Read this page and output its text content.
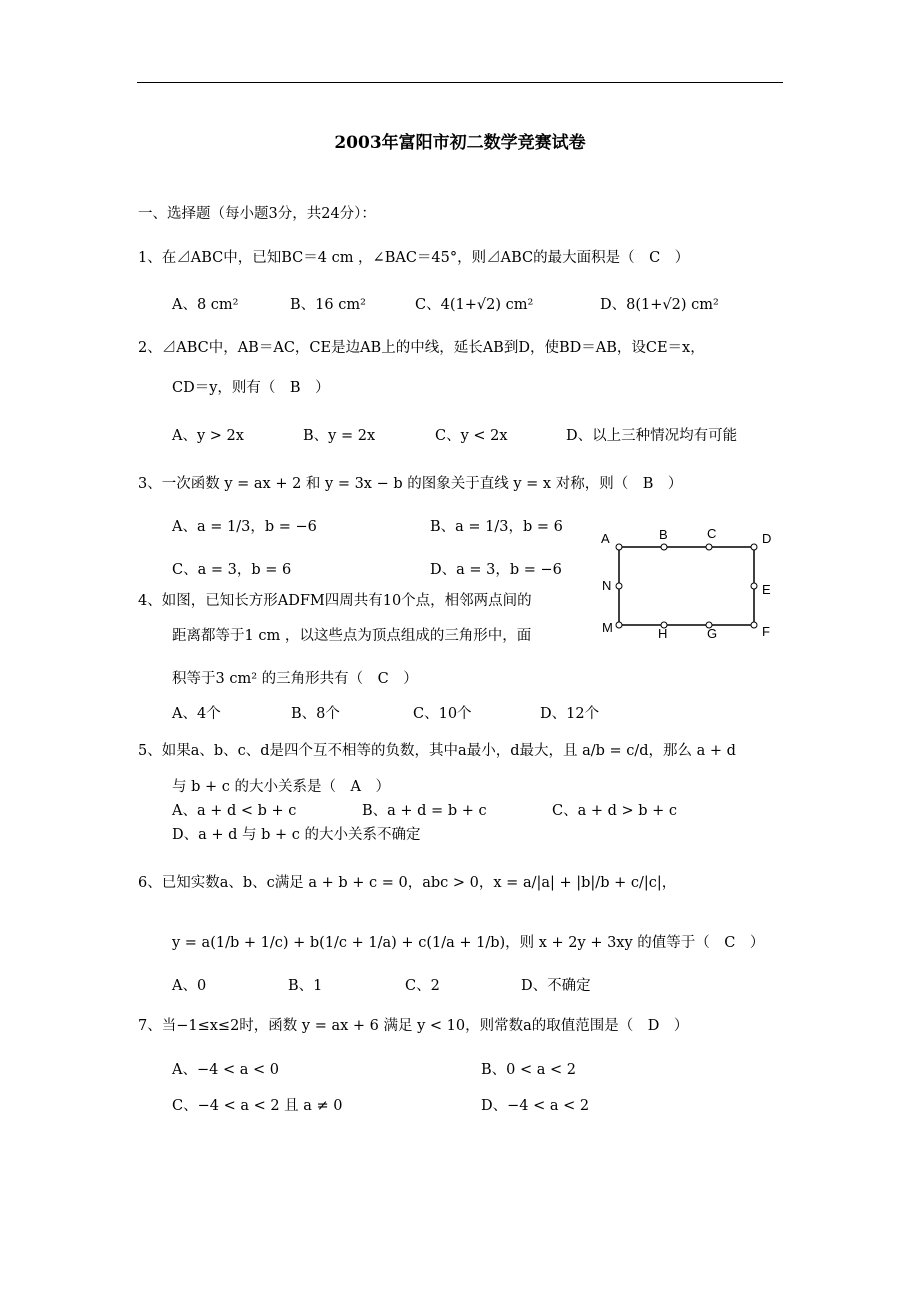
2003年富阳市初二数学竞赛试卷
一、选择题（每小题3分，共24分）：
1、在⊿ABC中，已知BC＝4 cm ，∠BAC＝45°，则⊿ABC的最大面积是（　C　）
A、8 cm²	B、16 cm²	C、4(1+√2) cm²	D、8(1+√2) cm²
2、⊿ABC中，AB＝AC，CE是边AB上的中线，延长AB到D，使BD＝AB，设CE＝x，
CD＝y，则有（　B　）
A、y > 2x	B、y = 2x	C、y < 2x	D、以上三种情况均有可能
3、一次函数 y = ax + 2 和 y = 3x − b 的图象关于直线 y = x 对称，则（　B　）
A、a = 1/3，b = −6	B、a = 1/3，b = 6
C、a = 3，b = 6	D、a = 3，b = −6
A	B	C	D
N	E
M	H	G	F
4、如图，已知长方形ADFM四周共有10个点，相邻两点间的
距离都等于1 cm ，以这些点为顶点组成的三角形中，面
积等于3 cm² 的三角形共有（　C　）
A、4个	B、8个	C、10个	D、12个
5、如果a、b、c、d是四个互不相等的负数，其中a最小，d最大，且 a/b = c/d，那么 a + d
与 b + c 的大小关系是（　A　）
A、a + d < b + c	B、a + d = b + c	C、a + d > b + c
D、a + d 与 b + c 的大小关系不确定
6、已知实数a、b、c满足 a + b + c = 0，abc > 0，x = a/|a| + |b|/b + c/|c|，
y = a(1/b + 1/c) + b(1/c + 1/a) + c(1/a + 1/b)，则 x + 2y + 3xy 的值等于（　C　）
A、0	B、1	C、2	D、不确定
7、当−1≤x≤2时，函数 y = ax + 6 满足 y < 10，则常数a的取值范围是（　D　）
A、−4 < a < 0	B、0 < a < 2
C、−4 < a < 2 且 a ≠ 0	D、−4 < a < 2
